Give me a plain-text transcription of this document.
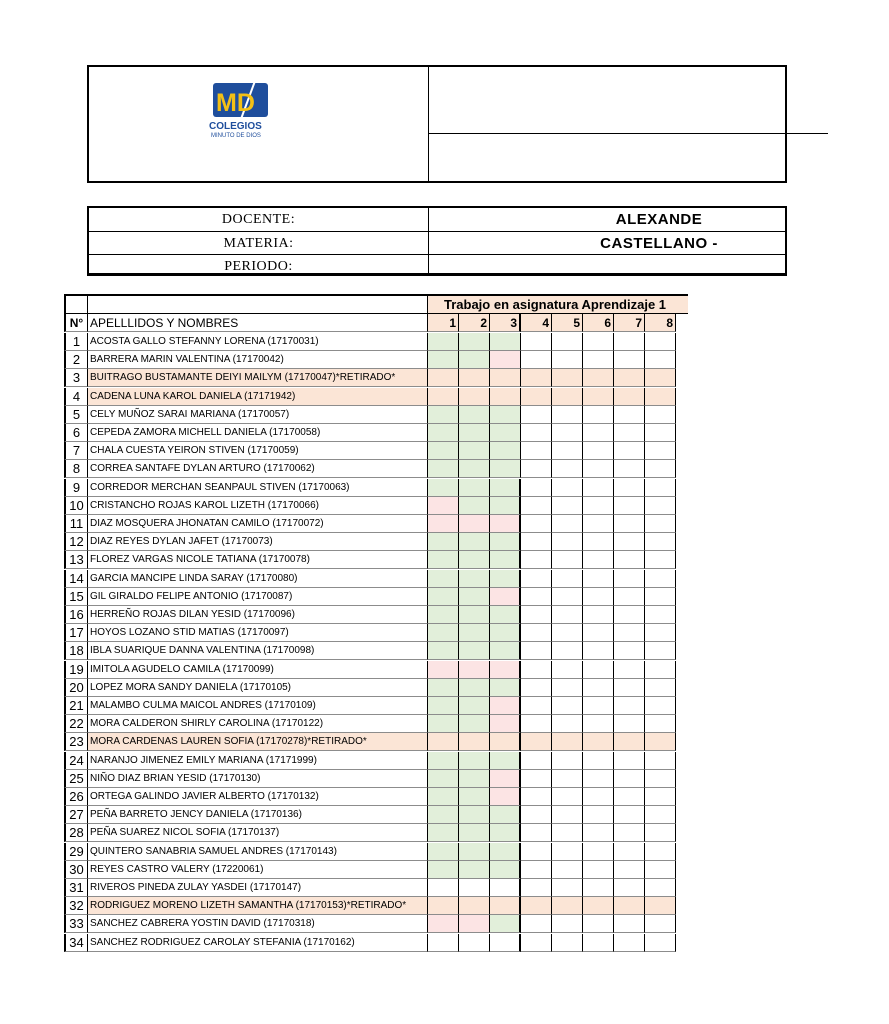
MD
COLEGIOS
MINUTO DE DIOS
DOCENTE:	ALEXANDE
MATERIA:	CASTELLANO -
PERIODO:
Trabajo en asignatura Aprendizaje 1
N° APELLLIDOS Y NOMBRES	1	2	3	4	5	6	7	8
1 ACOSTA GALLO STEFANNY LORENA (17170031)
2 BARRERA MARIN VALENTINA (17170042)
3 BUITRAGO BUSTAMANTE DEIYI MAILYM (17170047)*RETIRADO*
4 CADENA LUNA KAROL DANIELA (17171942)
5 CELY MUÑOZ SARAI MARIANA (17170057)
6 CEPEDA ZAMORA MICHELL DANIELA (17170058)
7 CHALA CUESTA YEIRON STIVEN (17170059)
8 CORREA SANTAFE DYLAN ARTURO (17170062)
9 CORREDOR MERCHAN SEANPAUL STIVEN (17170063)
10 CRISTANCHO ROJAS KAROL LIZETH (17170066)
11 DIAZ MOSQUERA JHONATAN CAMILO (17170072)
12 DIAZ REYES DYLAN JAFET (17170073)
13 FLOREZ VARGAS NICOLE TATIANA (17170078)
14 GARCIA MANCIPE LINDA SARAY (17170080)
15 GIL GIRALDO FELIPE ANTONIO (17170087)
16 HERREÑO ROJAS DILAN YESID (17170096)
17 HOYOS LOZANO STID MATIAS (17170097)
18 IBLA SUARIQUE DANNA VALENTINA (17170098)
19 IMITOLA AGUDELO CAMILA (17170099)
20 LOPEZ MORA SANDY DANIELA (17170105)
21 MALAMBO CULMA MAICOL ANDRES (17170109)
22 MORA CALDERON SHIRLY CAROLINA (17170122)
23 MORA CARDENAS LAUREN SOFIA (17170278)*RETIRADO*
24 NARANJO JIMENEZ EMILY MARIANA (17171999)
25 NIÑO DIAZ BRIAN YESID (17170130)
26 ORTEGA GALINDO JAVIER ALBERTO (17170132)
27 PEÑA BARRETO JENCY DANIELA (17170136)
28 PEÑA SUAREZ NICOL SOFIA (17170137)
29 QUINTERO SANABRIA SAMUEL ANDRES (17170143)
30 REYES CASTRO VALERY (17220061)
31 RIVEROS PINEDA ZULAY YASDEI (17170147)
32 RODRIGUEZ MORENO LIZETH SAMANTHA (17170153)*RETIRADO*
33 SANCHEZ CABRERA YOSTIN DAVID (17170318)
34 SANCHEZ RODRIGUEZ CAROLAY STEFANIA (17170162)
